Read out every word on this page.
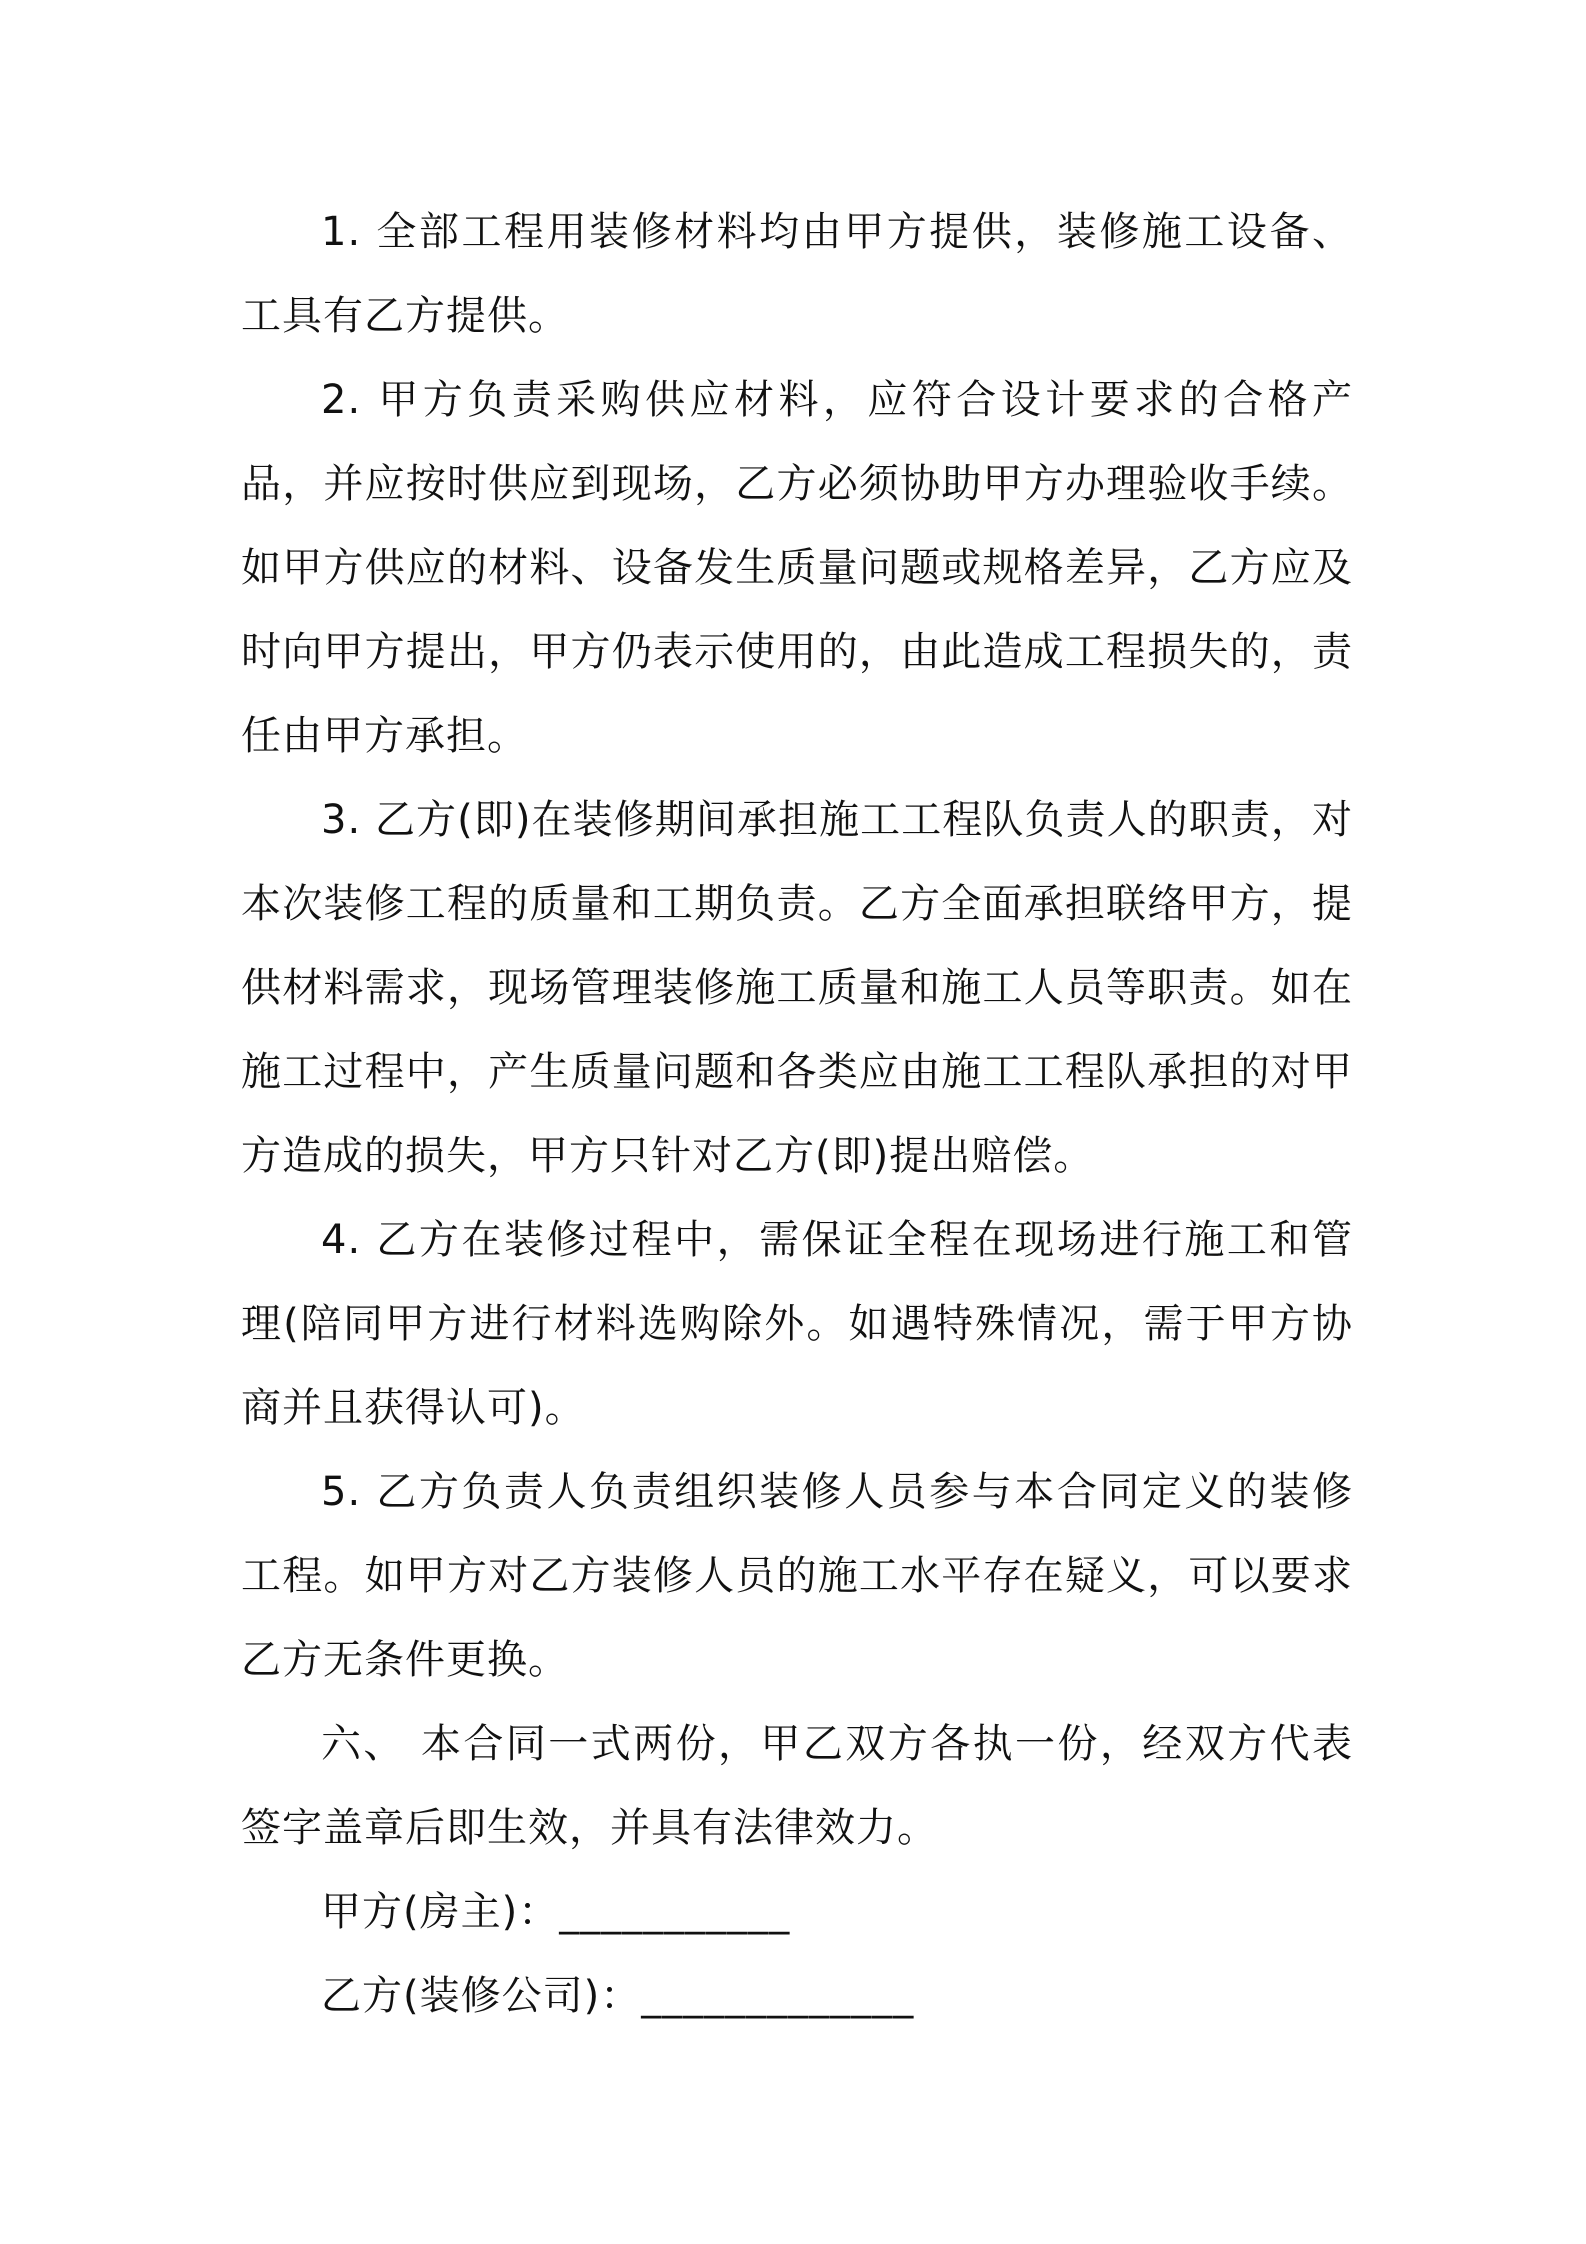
1. 全部工程用装修材料均由甲方提供，装修施工设备、工具有乙方提供。

2. 甲方负责采购供应材料，应符合设计要求的合格产品，并应按时供应到现场，乙方必须协助甲方办理验收手续。如甲方供应的材料、设备发生质量问题或规格差异，乙方应及时向甲方提出，甲方仍表示使用的，由此造成工程损失的，责任由甲方承担。

3. 乙方(即)在装修期间承担施工工程队负责人的职责，对本次装修工程的质量和工期负责。乙方全面承担联络甲方，提供材料需求，现场管理装修施工质量和施工人员等职责。如在施工过程中，产生质量问题和各类应由施工工程队承担的对甲方造成的损失，甲方只针对乙方(即)提出赔偿。

4. 乙方在装修过程中，需保证全程在现场进行施工和管理(陪同甲方进行材料选购除外。如遇特殊情况，需于甲方协商并且获得认可)。

5. 乙方负责人负责组织装修人员参与本合同定义的装修工程。如甲方对乙方装修人员的施工水平存在疑义，可以要求乙方无条件更换。

六、 本合同一式两份，甲乙双方各执一份，经双方代表签字盖章后即生效，并具有法律效力。

甲方(房主)：___________

乙方(装修公司)：_____________
